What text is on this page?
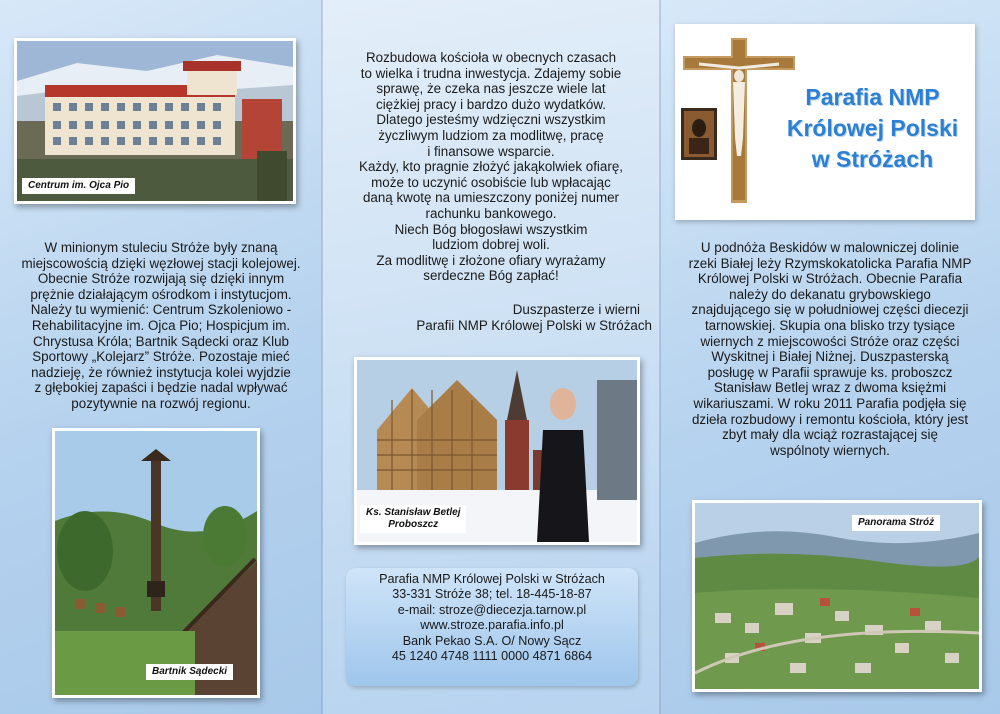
Centrum im. Ojca Pio
W minionym stuleciu Stróże były znaną
miejscowością dzięki węzłowej stacji kolejowej.
Obecnie Stróże rozwijają się dzięki innym
prężnie działającym ośrodkom i instytucjom.
Należy tu wymienić: Centrum Szkoleniowo -
Rehabilitacyjne im. Ojca Pio; Hospicjum im.
Chrystusa Króla; Bartnik Sądecki oraz Klub
Sportowy „Kolejarz” Stróże. Pozostaje mieć
nadzieję, że również instytucja kolei wyjdzie
z głębokiej zapaści i będzie nadal wpływać
pozytywnie na rozwój regionu.
Bartnik Sądecki
Rozbudowa kościoła w obecnych czasach
to wielka i trudna inwestycja. Zdajemy sobie
sprawę, że czeka nas jeszcze wiele lat
ciężkiej pracy i bardzo dużo wydatków.
Dlatego jesteśmy wdzięczni wszystkim
życzliwym ludziom za modlitwę, pracę
i finansowe wsparcie.
Każdy, kto pragnie złożyć jakąkolwiek ofiarę,
może to uczynić osobiście lub wpłacając
daną kwotę na umieszczony poniżej numer
rachunku bankowego.
Niech Bóg błogosławi wszystkim
ludziom dobrej woli.
Za modlitwę i złożone ofiary wyrażamy
serdeczne Bóg zapłać!
Duszpasterze i wierni
Parafii NMP Królowej Polski w Stróżach
Ks. Stanisław Betlej
Proboszcz
Parafia NMP Królowej Polski w Stróżach
33-331 Stróże 38; tel. 18-445-18-87
e-mail: stroze@diecezja.tarnow.pl
www.stroze.parafia.info.pl
Bank Pekao S.A. O/ Nowy Sącz
45 1240 4748 1111 0000 4871 6864
Parafia NMP
Królowej Polski
w Stróżach
U podnóża Beskidów w malowniczej dolinie
rzeki Białej leży Rzymskokatolicka Parafia NMP
Królowej Polski w Stróżach. Obecnie Parafia
należy do dekanatu grybowskiego
znajdującego się w południowej części diecezji
tarnowskiej. Skupia ona blisko trzy tysiące
wiernych z miejscowości Stróże oraz części
Wyskitnej i Białej Niżnej. Duszpasterską
posługę w Parafii sprawuje ks. proboszcz
Stanisław Betlej wraz z dwoma księżmi
wikariuszami. W roku 2011 Parafia podjęła się
dzieła rozbudowy i remontu kościoła, który jest
zbyt mały dla wciąż rozrastającej się
wspólnoty wiernych.
Panorama Stróż
